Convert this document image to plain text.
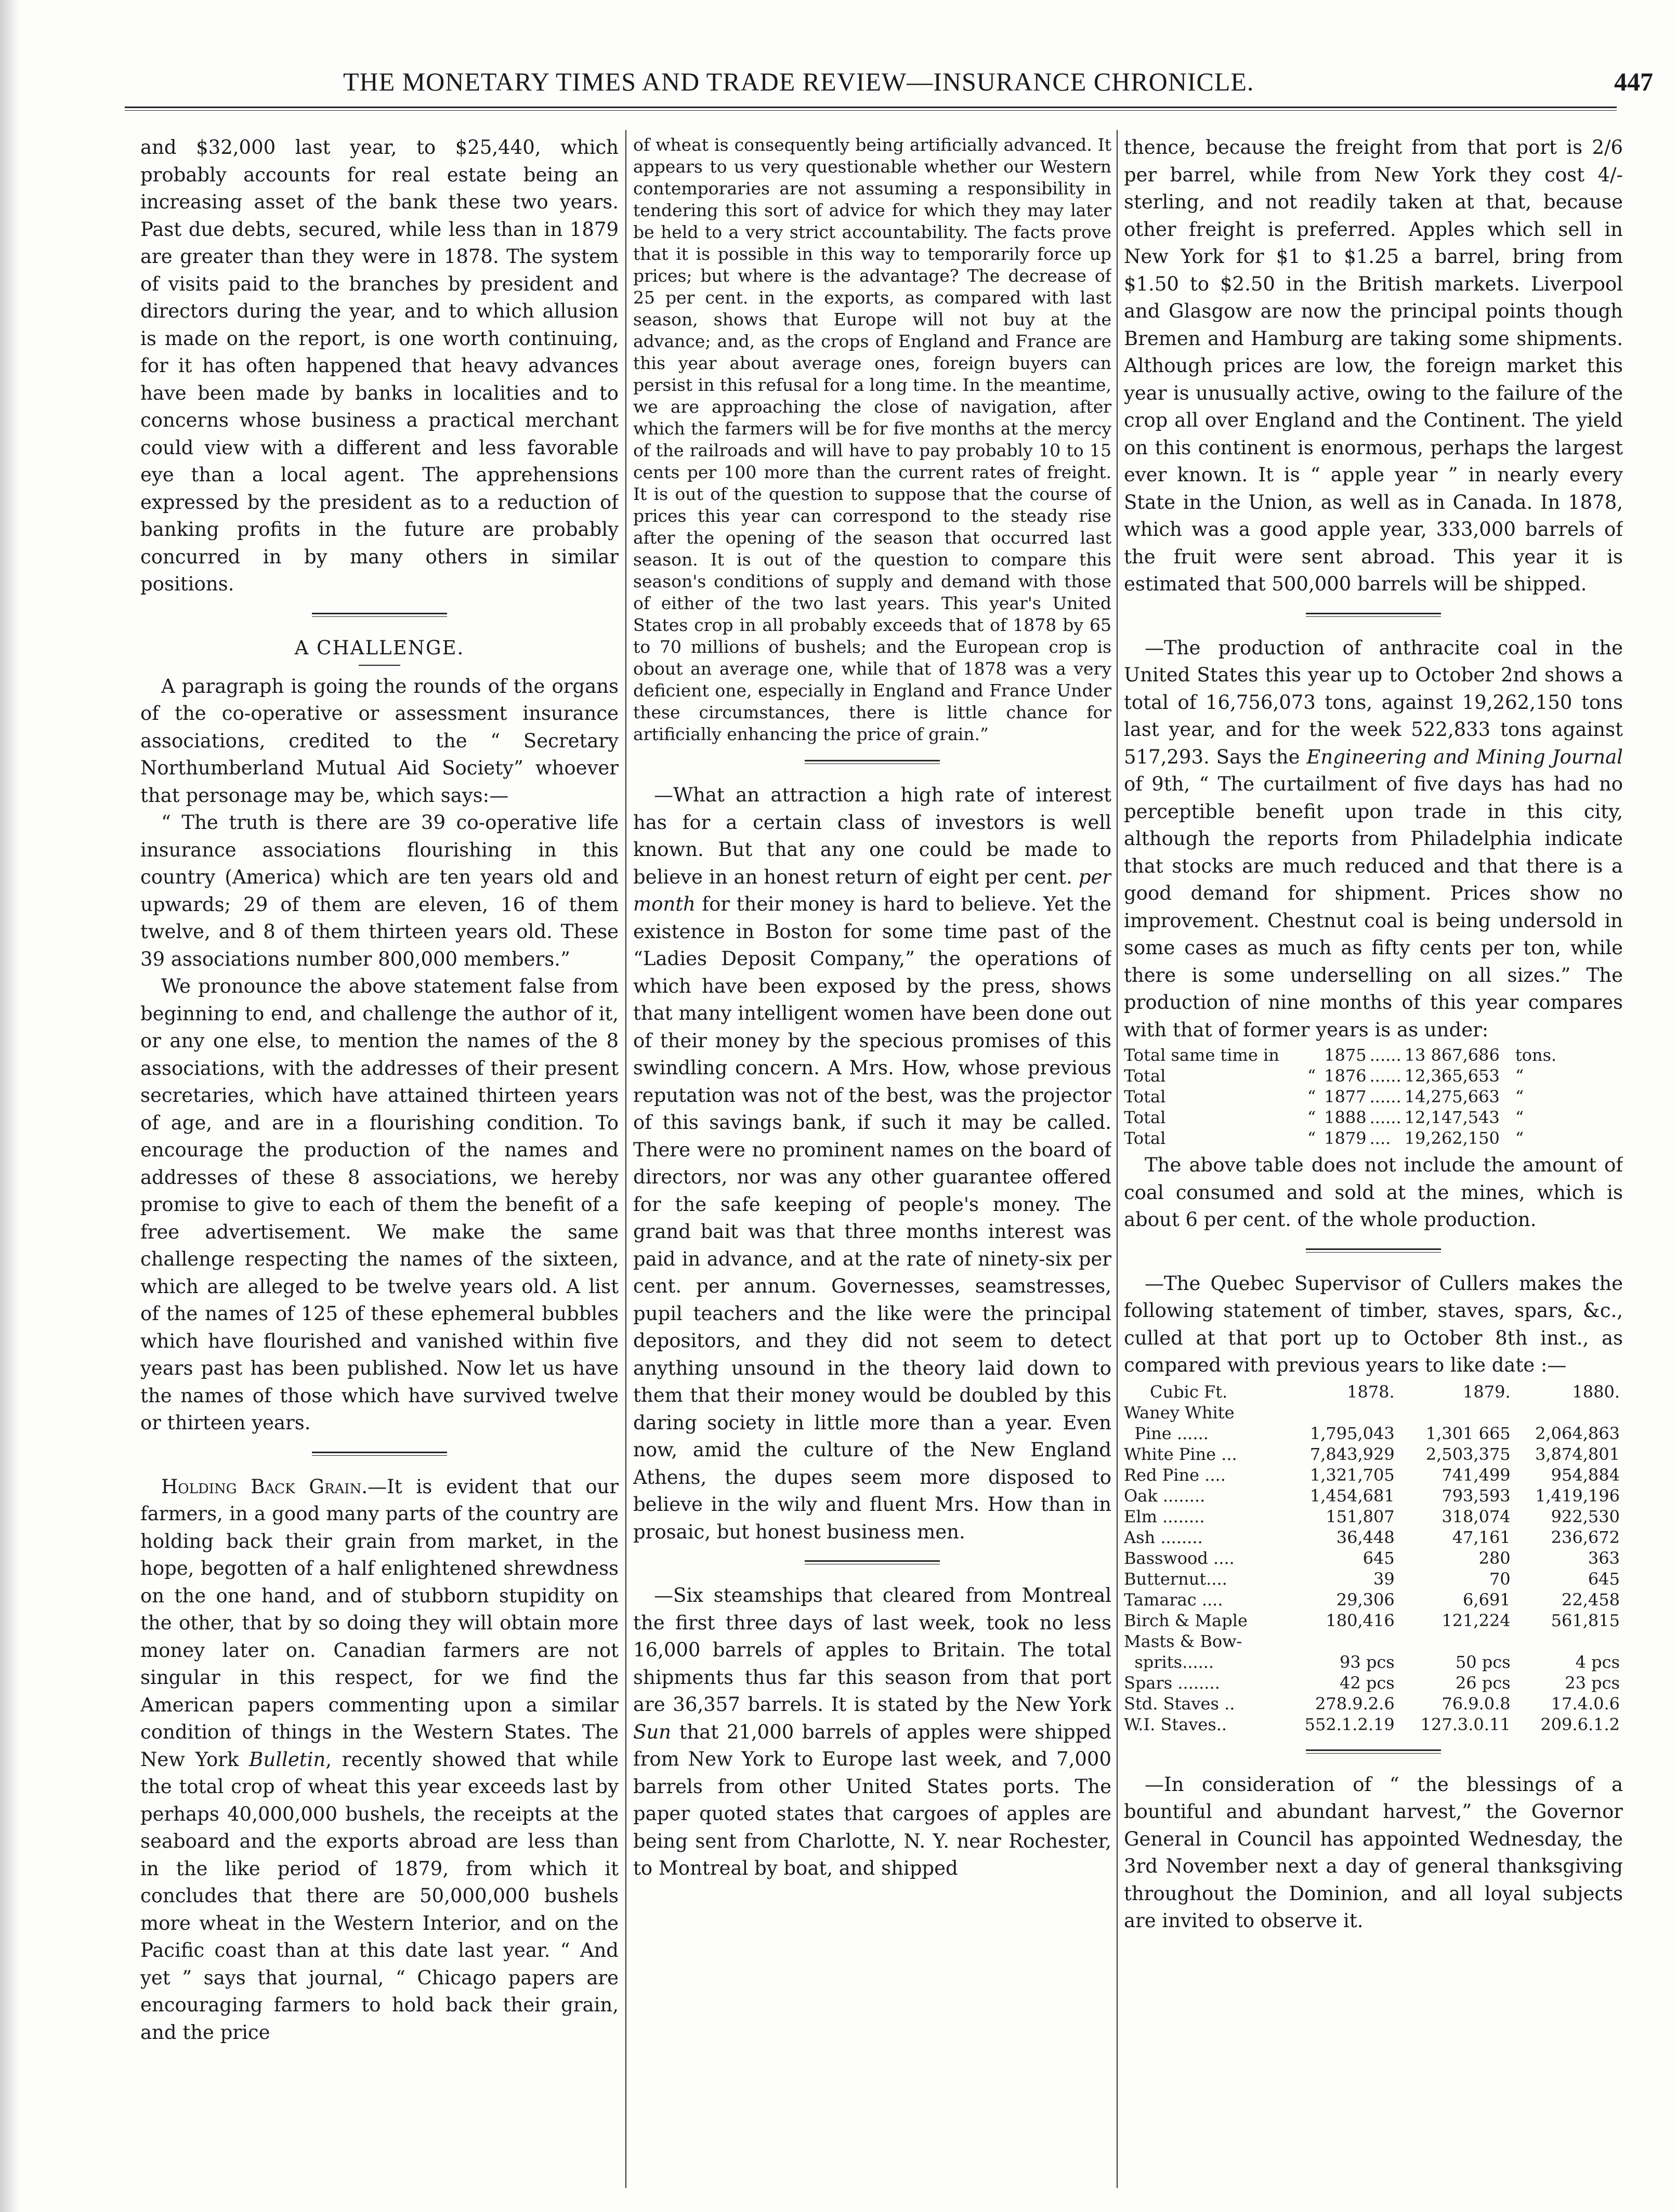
THE MONETARY TIMES AND TRADE REVIEW—INSURANCE CHRONICLE.	447

and $32,000 last year, to $25,440, which probably accounts for real estate being an increasing asset of the bank these two years. Past due debts, secured, while less than in 1879 are greater than they were in 1878. The system of visits paid to the branches by president and directors during the year, and to which allusion is made on the report, is one worth continuing, for it has often happened that heavy advances have been made by banks in localities and to concerns whose business a practical merchant could view with a different and less favorable eye than a local agent. The apprehensions expressed by the president as to a reduction of banking profits in the future are probably concurred in by many others in similar positions.

A CHALLENGE.

A paragraph is going the rounds of the organs of the co-operative or assessment insurance associations, credited to the “ Secretary Northumberland Mutual Aid Society” whoever that personage may be, which says:—

“ The truth is there are 39 co-operative life insurance associations flourishing in this country (America) which are ten years old and upwards; 29 of them are eleven, 16 of them twelve, and 8 of them thirteen years old. These 39 associations number 800,000 members.”

We pronounce the above statement false from beginning to end, and challenge the author of it, or any one else, to mention the names of the 8 associations, with the addresses of their present secretaries, which have attained thirteen years of age, and are in a flourishing condition. To encourage the production of the names and addresses of these 8 associations, we hereby promise to give to each of them the benefit of a free advertisement. We make the same challenge respecting the names of the sixteen, which are alleged to be twelve years old. A list of the names of 125 of these ephemeral bubbles which have flourished and vanished within five years past has been published. Now let us have the names of those which have survived twelve or thirteen years.

Holding Back Grain.—It is evident that our farmers, in a good many parts of the country are holding back their grain from market, in the hope, begotten of a half enlightened shrewdness on the one hand, and of stubborn stupidity on the other, that by so doing they will obtain more money later on. Canadian farmers are not singular in this respect, for we find the American papers commenting upon a similar condition of things in the Western States. The New York Bulletin, recently showed that while the total crop of wheat this year exceeds last by perhaps 40,000,000 bushels, the receipts at the seaboard and the exports abroad are less than in the like period of 1879, from which it concludes that there are 50,000,000 bushels more wheat in the Western Interior, and on the Pacific coast than at this date last year. “ And yet ” says that journal, “ Chicago papers are encouraging farmers to hold back their grain, and the price

of wheat is consequently being artificially advanced. It appears to us very questionable whether our Western contemporaries are not assuming a responsibility in tendering this sort of advice for which they may later be held to a very strict accountability. The facts prove that it is possible in this way to temporarily force up prices; but where is the advantage? The decrease of 25 per cent. in the exports, as compared with last season, shows that Europe will not buy at the advance; and, as the crops of England and France are this year about average ones, foreign buyers can persist in this refusal for a long time. In the meantime, we are approaching the close of navigation, after which the farmers will be for five months at the mercy of the railroads and will have to pay probably 10 to 15 cents per 100 more than the current rates of freight. It is out of the question to suppose that the course of prices this year can correspond to the steady rise after the opening of the season that occurred last season. It is out of the question to compare this season's conditions of supply and demand with those of either of the two last years. This year's United States crop in all probably exceeds that of 1878 by 65 to 70 millions of bushels; and the European crop is obout an average one, while that of 1878 was a very deficient one, especially in England and France Under these circumstances, there is little chance for artificially enhancing the price of grain.”

—What an attraction a high rate of interest has for a certain class of investors is well known. But that any one could be made to believe in an honest return of eight per cent. per month for their money is hard to believe. Yet the existence in Boston for some time past of the “Ladies Deposit Company,” the operations of which have been exposed by the press, shows that many intelligent women have been done out of their money by the specious promises of this swindling concern. A Mrs. How, whose previous reputation was not of the best, was the projector of this savings bank, if such it may be called. There were no prominent names on the board of directors, nor was any other guarantee offered for the safe keeping of people's money. The grand bait was that three months interest was paid in advance, and at the rate of ninety-six per cent. per annum. Governesses, seamstresses, pupil teachers and the like were the principal depositors, and they did not seem to detect anything unsound in the theory laid down to them that their money would be doubled by this daring society in little more than a year. Even now, amid the culture of the New England Athens, the dupes seem more disposed to believe in the wily and fluent Mrs. How than in prosaic, but honest business men.

—Six steamships that cleared from Montreal the first three days of last week, took no less 16,000 barrels of apples to Britain. The total shipments thus far this season from that port are 36,357 barrels. It is stated by the New York Sun that 21,000 barrels of apples were shipped from New York to Europe last week, and 7,000 barrels from other United States ports. The paper quoted states that cargoes of apples are being sent from Charlotte, N. Y. near Rochester, to Montreal by boat, and shipped

thence, because the freight from that port is 2/6 per barrel, while from New York they cost 4/- sterling, and not readily taken at that, because other freight is preferred. Apples which sell in New York for $1 to $1.25 a barrel, bring from $1.50 to $2.50 in the British markets. Liverpool and Glasgow are now the principal points though Bremen and Hamburg are taking some shipments. Although prices are low, the foreign market this year is unusually active, owing to the failure of the crop all over England and the Continent. The yield on this continent is enormous, perhaps the largest ever known. It is “ apple year ” in nearly every State in the Union, as well as in Canada. In 1878, which was a good apple year, 333,000 barrels of the fruit were sent abroad. This year it is estimated that 500,000 barrels will be shipped.

—The production of anthracite coal in the United States this year up to October 2nd shows a total of 16,756,073 tons, against 19,262,150 tons last year, and for the week 522,833 tons against 517,293. Says the Engineering and Mining Journal of 9th, “ The curtailment of five days has had no perceptible benefit upon trade in this city, although the reports from Philadelphia indicate that stocks are much reduced and that there is a good demand for shipment. Prices show no improvement. Chestnut coal is being undersold in some cases as much as fifty cents per ton, while there is some underselling on all sizes.” The production of nine months of this year compares with that of former years is as under:

Total same time in		1875	......	13 867,686	tons.
Total	“	1876	......	12,365,653	“
Total	“	1877	......	14,275,663	“
Total	“	1888	......	12,147,543	“
Total	“	1879	....	19,262,150	“

The above table does not include the amount of coal consumed and sold at the mines, which is about 6 per cent. of the whole production.

—The Quebec Supervisor of Cullers makes the following statement of timber, staves, spars, &c., culled at that port up to October 8th inst., as compared with previous years to like date :—

Cubic Ft.	1878.	1879.	1880.
Waney White			
Pine ......	1,795,043	1,301 665	2,064,863
White Pine ...	7,843,929	2,503,375	3,874,801
Red Pine ....	1,321,705	741,499	954,884
Oak ........	1,454,681	793,593	1,419,196
Elm ........	151,807	318,074	922,530
Ash ........	36,448	47,161	236,672
Basswood ....	645	280	363
Butternut....	39	70	645
Tamarac ....	29,306	6,691	22,458
Birch & Maple	180,416	121,224	561,815
Masts & Bow-			
sprits......	93 pcs	50 pcs	4 pcs
Spars ........	42 pcs	26 pcs	23 pcs
Std. Staves ..	278.9.2.6	76.9.0.8	17.4.0.6
W.I. Staves..	552.1.2.19	127.3.0.11	209.6.1.2

—In consideration of “ the blessings of a bountiful and abundant harvest,” the Governor General in Council has appointed Wednesday, the 3rd November next a day of general thanksgiving throughout the Dominion, and all loyal subjects are invited to observe it.
